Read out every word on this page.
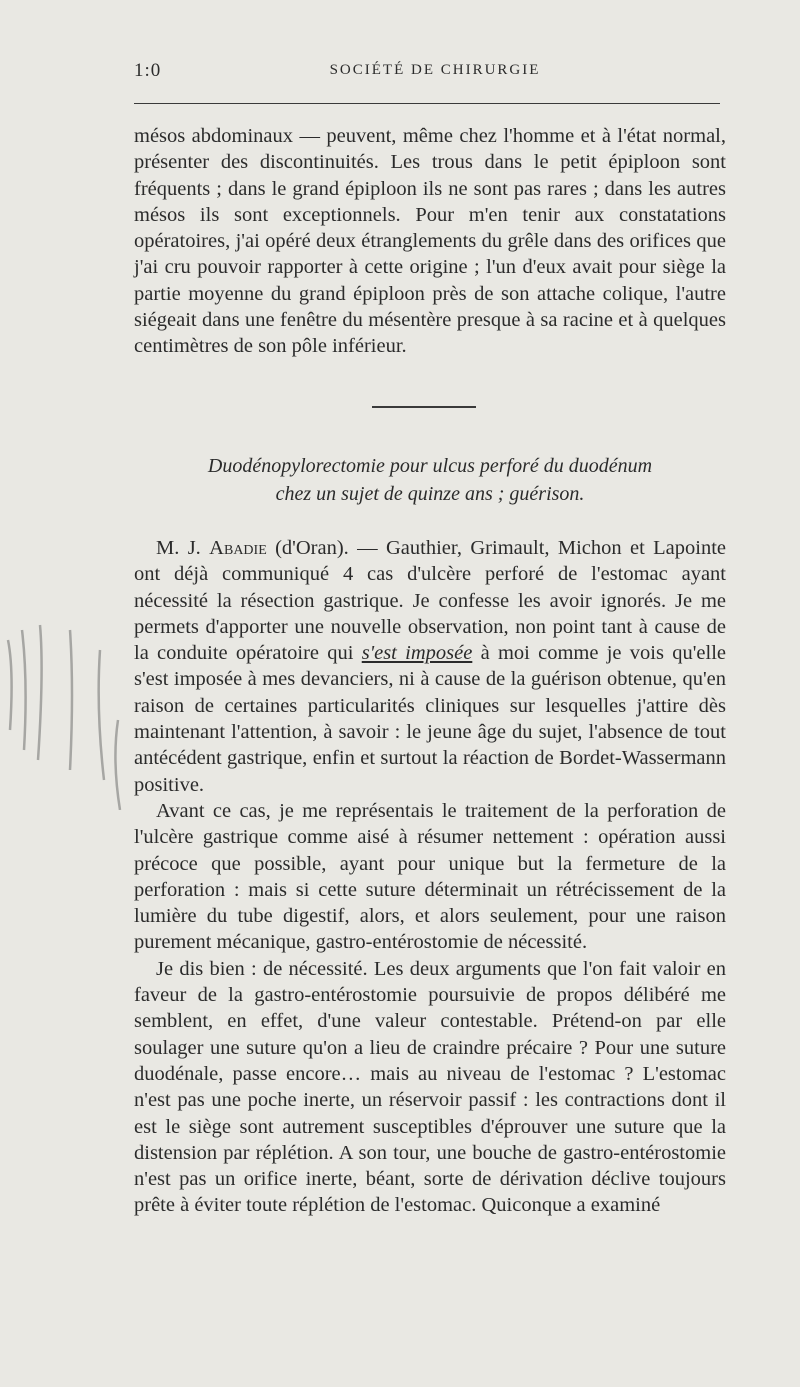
1:0	SOCIÉTÉ DE CHIRURGIE

mésos abdominaux — peuvent, même chez l'homme et à l'état normal, présenter des discontinuités. Les trous dans le petit épiploon sont fréquents ; dans le grand épiploon ils ne sont pas rares ; dans les autres mésos ils sont exceptionnels. Pour m'en tenir aux constatations opératoires, j'ai opéré deux étranglements du grêle dans des orifices que j'ai cru pouvoir rapporter à cette origine ; l'un d'eux avait pour siège la partie moyenne du grand épiploon près de son attache colique, l'autre siégeait dans une fenêtre du mésentère presque à sa racine et à quelques centimètres de son pôle inférieur.

Duodénopylorectomie pour ulcus perforé du duodénum
chez un sujet de quinze ans ; guérison.

M. J. Abadie (d'Oran). — Gauthier, Grimault, Michon et Lapointe ont déjà communiqué 4 cas d'ulcère perforé de l'estomac ayant nécessité la résection gastrique. Je confesse les avoir ignorés. Je me permets d'apporter une nouvelle observation, non point tant à cause de la conduite opératoire qui s'est imposée à moi comme je vois qu'elle s'est imposée à mes devanciers, ni à cause de la guérison obtenue, qu'en raison de certaines particularités cliniques sur lesquelles j'attire dès maintenant l'attention, à savoir : le jeune âge du sujet, l'absence de tout antécédent gastrique, enfin et surtout la réaction de Bordet-Wassermann positive.

Avant ce cas, je me représentais le traitement de la perforation de l'ulcère gastrique comme aisé à résumer nettement : opération aussi précoce que possible, ayant pour unique but la fermeture de la perforation : mais si cette suture déterminait un rétrécissement de la lumière du tube digestif, alors, et alors seulement, pour une raison purement mécanique, gastro-entérostomie de nécessité.

Je dis bien : de nécessité. Les deux arguments que l'on fait valoir en faveur de la gastro-entérostomie poursuivie de propos délibéré me semblent, en effet, d'une valeur contestable. Prétend-on par elle soulager une suture qu'on a lieu de craindre précaire ? Pour une suture duodénale, passe encore… mais au niveau de l'estomac ? L'estomac n'est pas une poche inerte, un réservoir passif : les contractions dont il est le siège sont autrement susceptibles d'éprouver une suture que la distension par réplétion. A son tour, une bouche de gastro-entérostomie n'est pas un orifice inerte, béant, sorte de dérivation déclive toujours prête à éviter toute réplétion de l'estomac. Quiconque a examiné
